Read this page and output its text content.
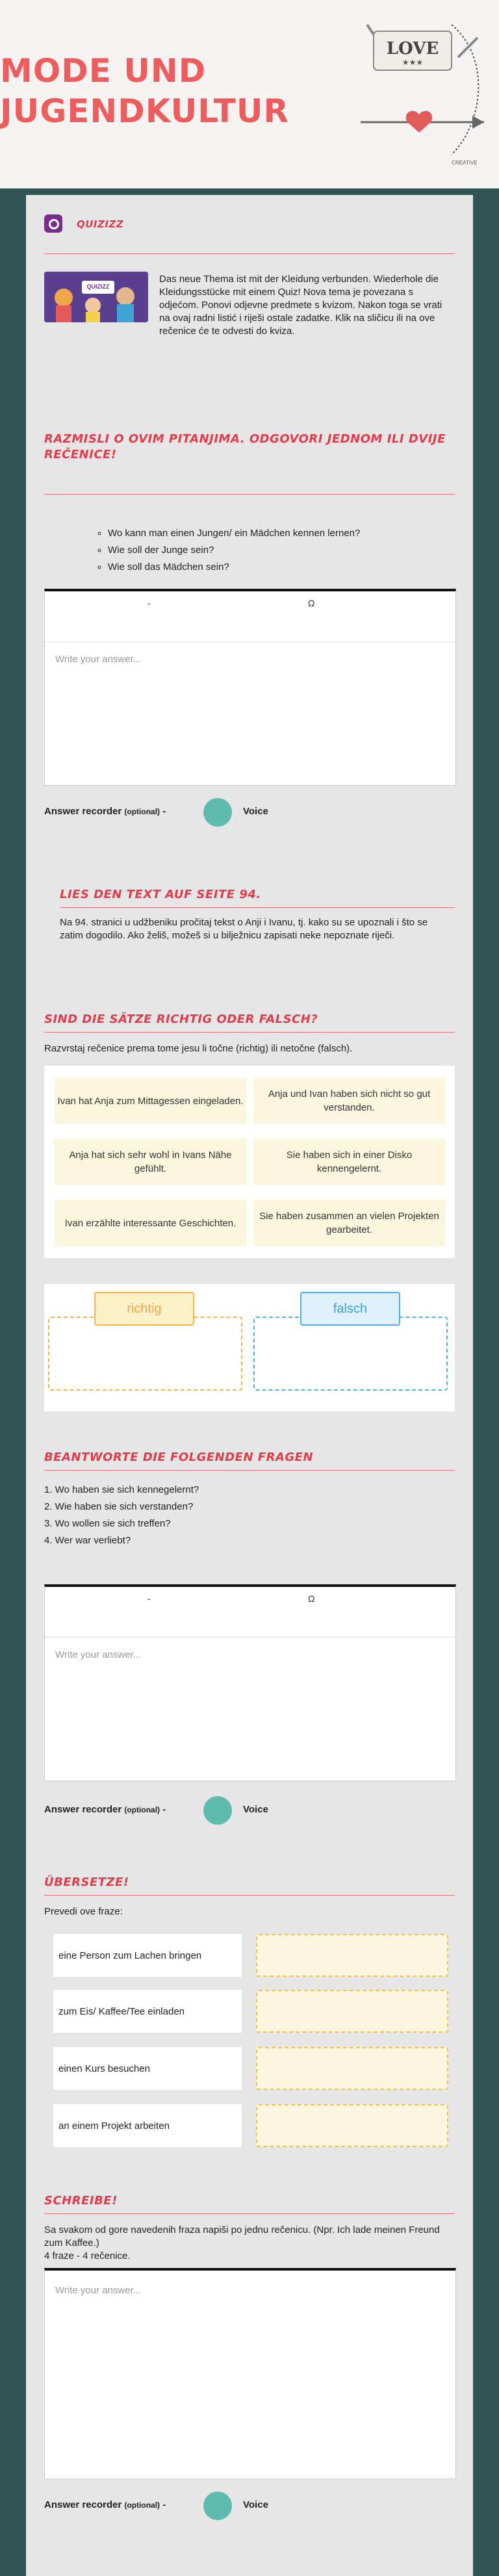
MODE UND
JUGENDKULTUR
LOVE
★★★
CREATIVE
QUIZIZZ
QUIZIZZ
Das neue Thema ist mit der Kleidung verbunden. Wiederhole die Kleidungsstücke mit einem Quiz! Nova tema je povezana s odjećom. Ponovi odjevne predmete s kvizom. Nakon toga se vrati na ovaj radni listić i riješi ostale zadatke. Klik na sličicu ili na ove rečenice će te odvesti do kviza.
RAZMISLI O OVIM PITANJIMA. ODGOVORI JEDNOM ILI DVIJE REČENICE!
◦ Wo kann man einen Jungen/ ein Mädchen kennen lernen?
◦ Wie soll der Junge sein?
◦ Wie soll das Mädchen sein?
-	Ω
Write your answer...
Answer recorder (optional) -	Voice
LIES DEN TEXT AUF SEITE 94.
Na 94. stranici u udžbeniku pročitaj tekst o Anji i Ivanu, tj. kako su se upoznali i što se zatim dogodilo. Ako želiš, možeš si u bilježnicu zapisati neke nepoznate riječi.
SIND DIE SÄTZE RICHTIG ODER FALSCH?
Razvrstaj rečenice prema tome jesu li točne (richtig) ili netočne (falsch).
Ivan hat Anja zum Mittagessen eingeladen.
Anja und Ivan haben sich nicht so gut verstanden.
Anja hat sich sehr wohl in Ivans Nähe gefühlt.
Sie haben sich in einer Disko kennengelernt.
Ivan erzählte interessante Geschichten.
Sie haben zusammen an vielen Projekten gearbeitet.
richtig	falsch
BEANTWORTE DIE FOLGENDEN FRAGEN
1. Wo haben sie sich kennegelernt?
2. Wie haben sie sich verstanden?
3. Wo wollen sie sich treffen?
4. Wer war verliebt?
-	Ω
Write your answer...
Answer recorder (optional) -	Voice
ÜBERSETZE!
Prevedi ove fraze:
eine Person zum Lachen bringen
zum Eis/ Kaffee/Tee einladen
einen Kurs besuchen
an einem Projekt arbeiten
SCHREIBE!
Sa svakom od gore navedenih fraza napiši po jednu rečenicu. (Npr. Ich lade meinen Freund zum Kaffee.)
4 fraze - 4 rečenice.
Write your answer...
Answer recorder (optional) -	Voice
